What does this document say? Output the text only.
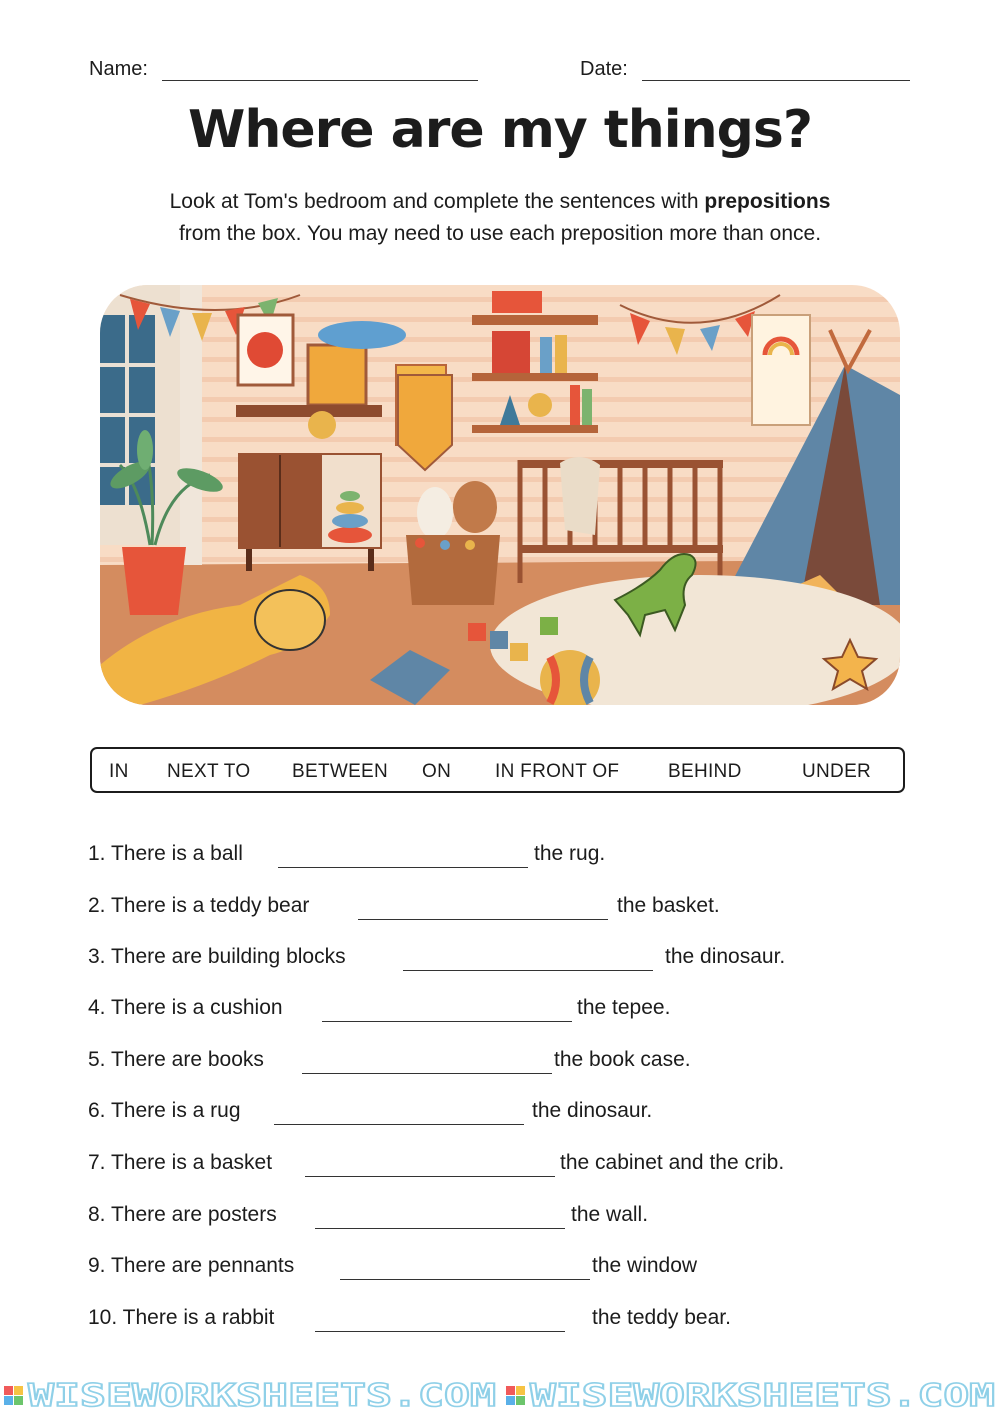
Name:	Date:
Where are my things?
Look at Tom's bedroom and complete the sentences with prepositions
from the box. You may need to use each preposition more than once.
IN NEXT TO BETWEEN ON IN FRONT OF	BEHIND	UNDER
1. There is a ball	the rug.
2. There is a teddy bear	the basket.
3. There are building blocks	the dinosaur.
4. There is a cushion	the tepee.
5. There are books	the book case.
6. There is a rug	the dinosaur.
7. There is a basket	the cabinet and the crib.
8. There are posters	the wall.
9. There are pennants	the window
10. There is a rabbit	the teddy bear.
WISEWORKSHEETS.COM WISEWORKSHEETS.COM
